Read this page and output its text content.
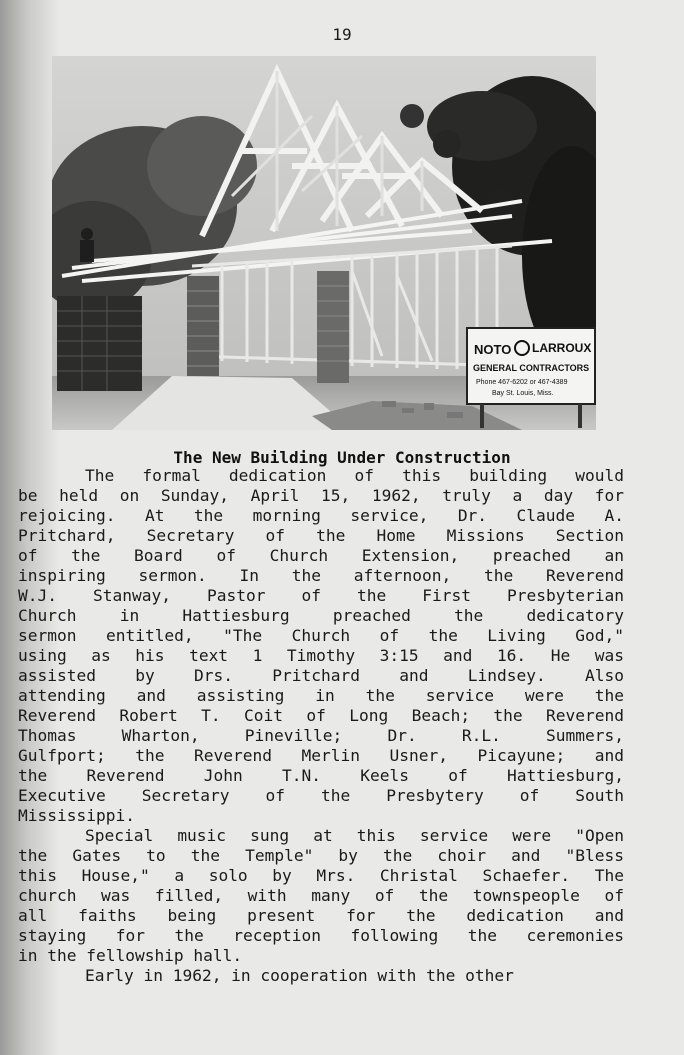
19
NOTO LARROUX
GENERAL CONTRACTORS
Phone 467-6202 or 467-4389
Bay St. Louis, Miss.
The New Building Under Construction
The formal dedication of this building would
be held on Sunday, April 15, 1962, truly a day for
rejoicing. At the morning service, Dr. Claude A.
Pritchard, Secretary of the Home Missions Section
of the Board of Church Extension, preached an
inspiring sermon. In the afternoon, the Reverend
W.J. Stanway, Pastor of the First Presbyterian
Church in Hattiesburg preached the dedicatory
sermon entitled, "The Church of the Living God,"
using as his text 1 Timothy 3:15 and 16. He was
assisted by Drs. Pritchard and Lindsey. Also
attending and assisting in the service were the
Reverend Robert T. Coit of Long Beach; the Reverend
Thomas Wharton, Pineville; Dr. R.L. Summers,
Gulfport; the Reverend Merlin Usner, Picayune; and
the Reverend John T.N. Keels of Hattiesburg,
Executive Secretary of the Presbytery of South
Mississippi.
Special music sung at this service were "Open
the Gates to the Temple" by the choir and "Bless
this House," a solo by Mrs. Christal Schaefer. The
church was filled, with many of the townspeople of
all faiths being present for the dedication and
staying for the reception following the ceremonies
in the fellowship hall.
Early in 1962, in cooperation with the other
